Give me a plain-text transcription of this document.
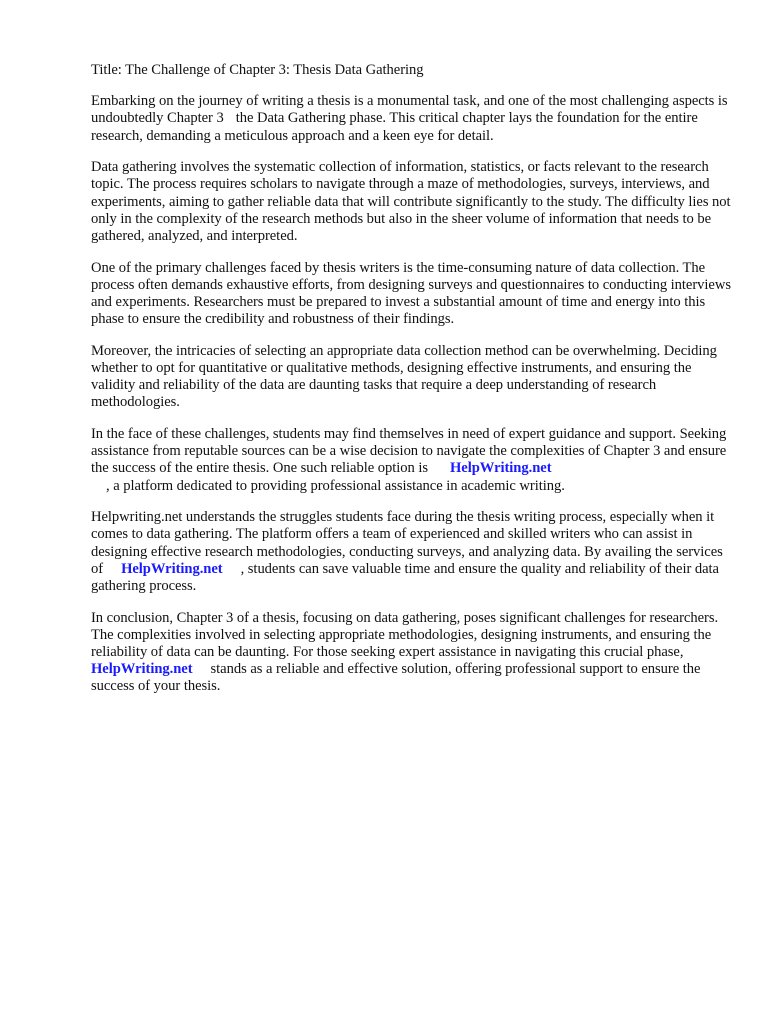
Title: The Challenge of Chapter 3: Thesis Data Gathering

Embarking on the journey of writing a thesis is a monumental task, and one of the most challenging aspects is undoubtedly Chapter 3 the Data Gathering phase. This critical chapter lays the foundation for the entire research, demanding a meticulous approach and a keen eye for detail.

Data gathering involves the systematic collection of information, statistics, or facts relevant to the research topic. The process requires scholars to navigate through a maze of methodologies, surveys, interviews, and experiments, aiming to gather reliable data that will contribute significantly to the study. The difficulty lies not only in the complexity of the research methods but also in the sheer volume of information that needs to be gathered, analyzed, and interpreted.

One of the primary challenges faced by thesis writers is the time-consuming nature of data collection. The process often demands exhaustive efforts, from designing surveys and questionnaires to conducting interviews and experiments. Researchers must be prepared to invest a substantial amount of time and energy into this phase to ensure the credibility and robustness of their findings.

Moreover, the intricacies of selecting an appropriate data collection method can be overwhelming. Deciding whether to opt for quantitative or qualitative methods, designing effective instruments, and ensuring the validity and reliability of the data are daunting tasks that require a deep understanding of research methodologies.

In the face of these challenges, students may find themselves in need of expert guidance and support. Seeking assistance from reputable sources can be a wise decision to navigate the complexities of Chapter 3 and ensure the success of the entire thesis. One such reliable option is HelpWriting.net
, a platform dedicated to providing professional assistance in academic writing.

Helpwriting.net understands the struggles students face during the thesis writing process, especially when it comes to data gathering. The platform offers a team of experienced and skilled writers who can assist in designing effective research methodologies, conducting surveys, and analyzing data. By availing the services of HelpWriting.net , students can save valuable time and ensure the quality and reliability of their data gathering process.

In conclusion, Chapter 3 of a thesis, focusing on data gathering, poses significant challenges for researchers. The complexities involved in selecting appropriate methodologies, designing instruments, and ensuring the reliability of data can be daunting. For those seeking expert assistance in navigating this crucial phase,HelpWriting.net stands as a reliable and effective solution, offering professional support to ensure the success of your thesis.
